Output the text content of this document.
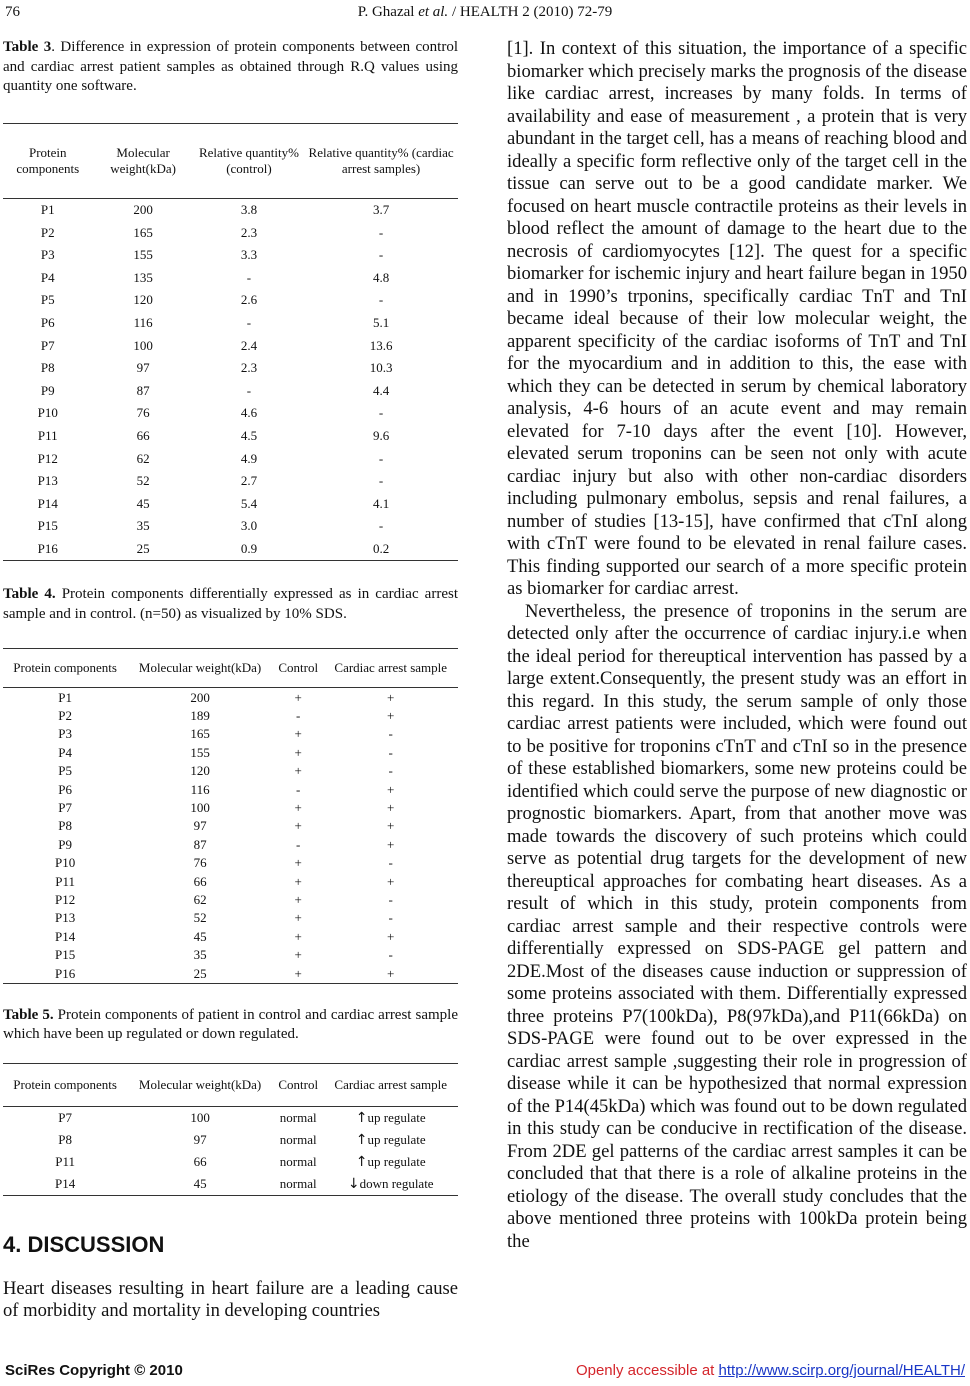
76	P. Ghazal et al. / HEALTH 2 (2010) 72-79

Table 3. Difference in expression of protein components between control and cardiac arrest patient samples as obtained through R.Q values using quantity one software.

Protein components	Molecular weight(kDa)	Relative quantity% (control)	Relative quantity% (cardiac arrest samples)
P1	200	3.8	3.7
P2	165	2.3	-
P3	155	3.3	-
P4	135	-	4.8
P5	120	2.6	-
P6	116	-	5.1
P7	100	2.4	13.6
P8	97	2.3	10.3
P9	87	-	4.4
P10	76	4.6	-
P11	66	4.5	9.6
P12	62	4.9	-
P13	52	2.7	-
P14	45	5.4	4.1
P15	35	3.0	-
P16	25	0.9	0.2

Table 4. Protein components differentially expressed as in cardiac arrest sample and in control. (n=50) as visualized by 10% SDS.

Protein components	Molecular weight(kDa)	Control	Cardiac arrest sample
P1	200	+	+
P2	189	-	+
P3	165	+	-
P4	155	+	-
P5	120	+	-
P6	116	-	+
P7	100	+	+
P8	97	+	+
P9	87	-	+
P10	76	+	-
P11	66	+	+
P12	62	+	-
P13	52	+	-
P14	45	+	+
P15	35	+	-
P16	25	+	+

Table 5. Protein components of patient in control and cardiac arrest sample which have been up regulated or down regulated.

Protein components	Molecular weight(kDa)	Control	Cardiac arrest sample
P7	100	normal	↑up regulate
P8	97	normal	↑up regulate
P11	66	normal	↑up regulate
P14	45	normal	↓down regulate
4. DISCUSSION

Heart diseases resulting in heart failure are a leading cause of morbidity and mortality in developing countries

[1]. In context of this situation, the importance of a specific biomarker which precisely marks the prognosis of the disease like cardiac arrest, increases by many folds. In terms of availability and ease of measurement , a protein that is very abundant in the target cell, has a means of reaching blood and ideally a specific form reflective only of the target cell in the tissue can serve out to be a good candidate marker. We focused on heart muscle contractile proteins as their levels in blood reflect the amount of damage to the heart due to the necrosis of cardiomyocytes [12]. The quest for a specific biomarker for ischemic injury and heart failure began in 1950 and in 1990’s trponins, specifically cardiac TnT and TnI became ideal because of their low molecular weight, the apparent specificity of the cardiac isoforms of TnT and TnI for the myocardium and in addition to this, the ease with which they can be detected in serum by chemical laboratory analysis, 4-6 hours of an acute event and may remain elevated for 7-10 days after the event [10]. However, elevated serum troponins can be seen not only with acute cardiac injury but also with other non-cardiac disorders including pulmonary embolus, sepsis and renal failures, a number of studies [13-15], have confirmed that cTnI along with cTnT were found to be elevated in renal failure cases. This finding supported our search of a more specific protein as biomarker for cardiac arrest.

Nevertheless, the presence of troponins in the serum are detected only after the occurrence of cardiac injury.i.e when the ideal period for thereuptical intervention has passed by a large extent.Consequently, the present study was an effort in this regard. In this study, the serum sample of only those cardiac arrest patients were included, which were found out to be positive for troponins cTnT and cTnI so in the presence of these established biomarkers, some new proteins could be identified which could serve the purpose of new diagnostic or prognostic biomarkers. Apart, from that another move was made towards the discovery of such proteins which could serve as potential drug targets for the development of new thereuptical approaches for combating heart diseases. As a result of which in this study, protein components from cardiac arrest sample and their respective controls were differentially expressed on SDS-PAGE gel pattern and 2DE.Most of the diseases cause induction or suppression of some proteins associated with them. Differentially expressed three proteins P7(100kDa), P8(97kDa),and P11(66kDa) on SDS-PAGE were found out to be over expressed in the cardiac arrest sample ,suggesting their role in progression of disease while it can be hypothesized that normal expression of the P14(45kDa) which was found out to be down regulated in this study can be conducive in rectification of the disease. From 2DE gel patterns of the cardiac arrest samples it can be concluded that that there is a role of alkaline proteins in the etiology of the disease. The overall study concludes that the above mentioned three proteins with 100kDa protein being the

SciRes Copyright © 2010	Openly accessible at http://www.scirp.org/journal/HEALTH/
